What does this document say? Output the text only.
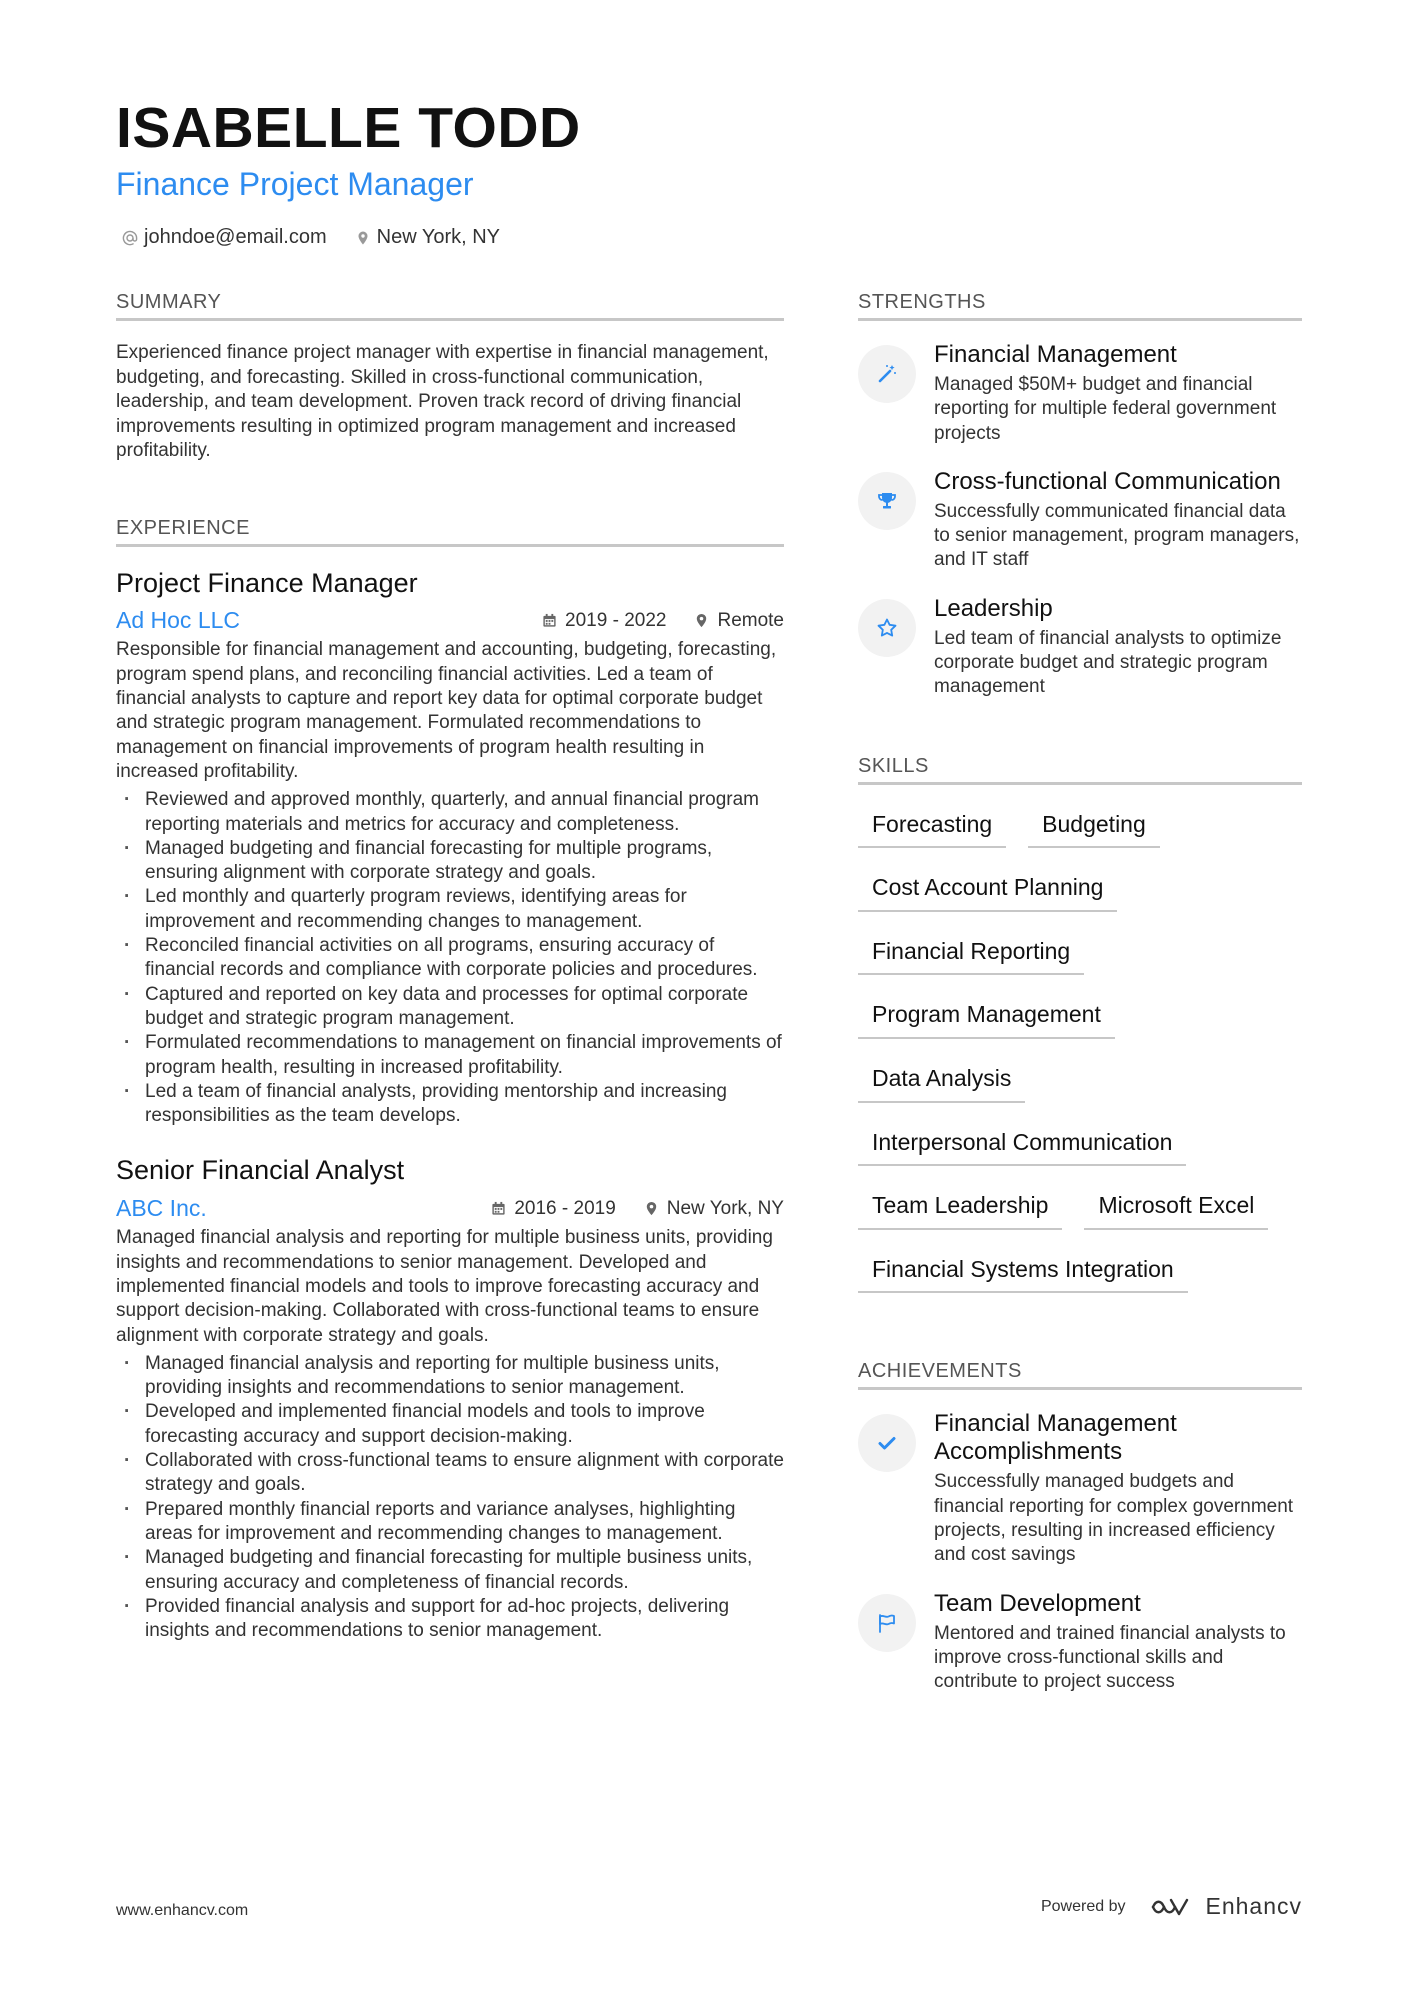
ISABELLE TODD
Finance Project Manager
johndoe@email.com	New York, NY
SUMMARY
Experienced finance project manager with expertise in financial management, budgeting, and forecasting. Skilled in cross-functional communication, leadership, and team development. Proven track record of driving financial improvements resulting in optimized program management and increased profitability.
EXPERIENCE
Project Finance Manager
Ad Hoc LLC	2019 - 2022	Remote
Responsible for financial management and accounting, budgeting, forecasting, program spend plans, and reconciling financial activities. Led a team of financial analysts to capture and report key data for optimal corporate budget and strategic program management. Formulated recommendations to management on financial improvements of program health resulting in increased profitability.
· Reviewed and approved monthly, quarterly, and annual financial program reporting materials and metrics for accuracy and completeness.
· Managed budgeting and financial forecasting for multiple programs, ensuring alignment with corporate strategy and goals.
· Led monthly and quarterly program reviews, identifying areas for improvement and recommending changes to management.
· Reconciled financial activities on all programs, ensuring accuracy of financial records and compliance with corporate policies and procedures.
· Captured and reported on key data and processes for optimal corporate budget and strategic program management.
· Formulated recommendations to management on financial improvements of program health, resulting in increased profitability.
· Led a team of financial analysts, providing mentorship and increasing responsibilities as the team develops.
Senior Financial Analyst
ABC Inc.	2016 - 2019	New York, NY
Managed financial analysis and reporting for multiple business units, providing insights and recommendations to senior management. Developed and implemented financial models and tools to improve forecasting accuracy and support decision-making. Collaborated with cross-functional teams to ensure alignment with corporate strategy and goals.
· Managed financial analysis and reporting for multiple business units, providing insights and recommendations to senior management.
· Developed and implemented financial models and tools to improve forecasting accuracy and support decision-making.
· Collaborated with cross-functional teams to ensure alignment with corporate strategy and goals.
· Prepared monthly financial reports and variance analyses, highlighting areas for improvement and recommending changes to management.
· Managed budgeting and financial forecasting for multiple business units, ensuring accuracy and completeness of financial records.
· Provided financial analysis and support for ad-hoc projects, delivering insights and recommendations to senior management.
STRENGTHS
Financial Management
Managed $50M+ budget and financial reporting for multiple federal government projects
Cross-functional Communication
Successfully communicated financial data to senior management, program managers, and IT staff
Leadership
Led team of financial analysts to optimize corporate budget and strategic program management
SKILLS
Forecasting	Budgeting
Cost Account Planning
Financial Reporting
Program Management
Data Analysis
Interpersonal Communication
Team Leadership	Microsoft Excel
Financial Systems Integration
ACHIEVEMENTS
Financial Management Accomplishments
Successfully managed budgets and financial reporting for complex government projects, resulting in increased efficiency and cost savings
Team Development
Mentored and trained financial analysts to improve cross-functional skills and contribute to project success
www.enhancv.com	Powered by	Enhancv
